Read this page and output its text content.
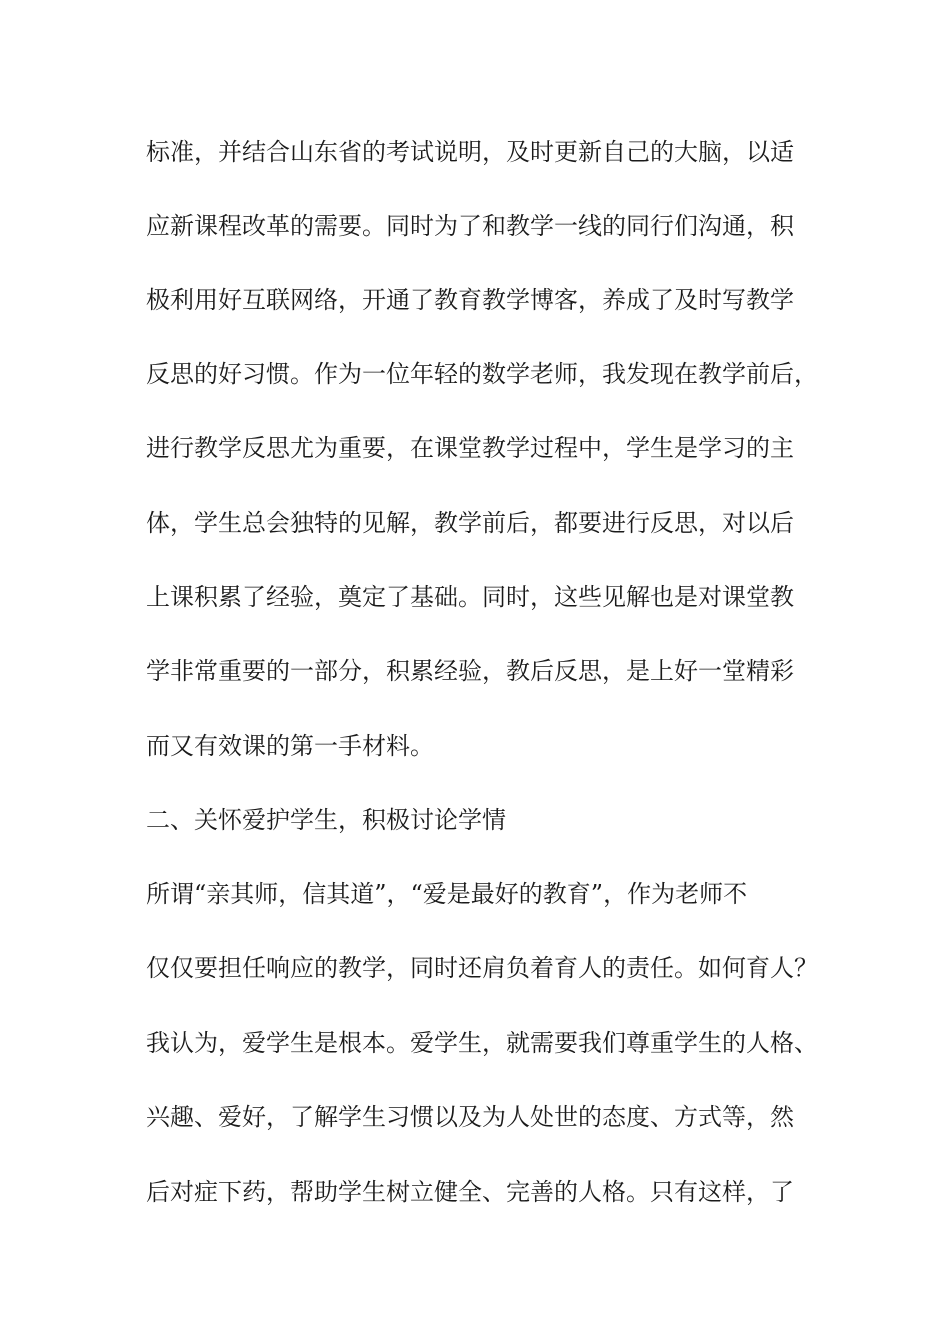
标准，并结合山东省的考试说明，及时更新自己的大脑，以适
应新课程改革的需要。同时为了和教学一线的同行们沟通，积
极利用好互联网络，开通了教育教学博客，养成了及时写教学
反思的好习惯。作为一位年轻的数学老师，我发现在教学前后，
进行教学反思尤为重要，在课堂教学过程中，学生是学习的主
体，学生总会独特的见解，教学前后，都要进行反思，对以后
上课积累了经验，奠定了基础。同时，这些见解也是对课堂教
学非常重要的一部分，积累经验，教后反思，是上好一堂精彩
而又有效课的第一手材料。
二、关怀爱护学生，积极讨论学情
所谓“亲其师，信其道”，“爱是最好的教育”，作为老师不
仅仅要担任响应的教学，同时还肩负着育人的责任。如何育人？
我认为，爱学生是根本。爱学生，就需要我们尊重学生的人格、
兴趣、爱好，了解学生习惯以及为人处世的态度、方式等，然
后对症下药，帮助学生树立健全、完善的人格。只有这样，了
